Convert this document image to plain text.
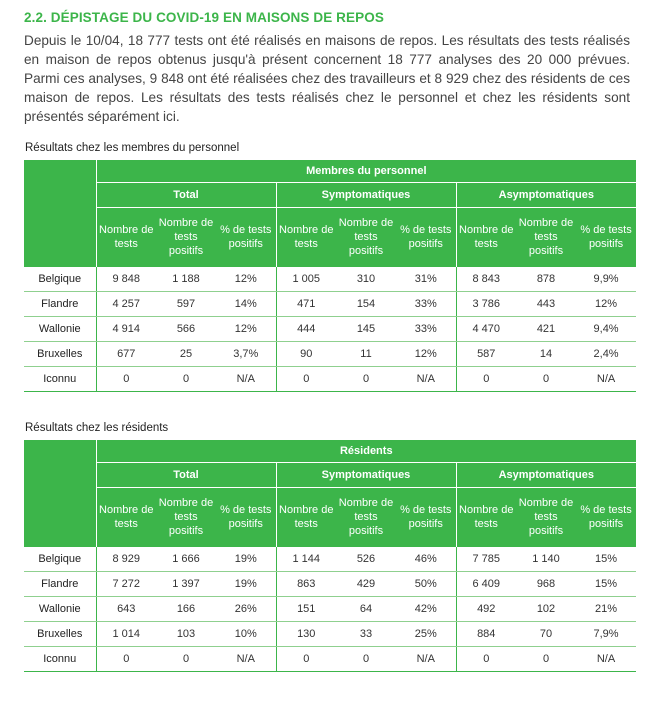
2.2. DÉPISTAGE DU COVID-19 EN MAISONS DE REPOS

Depuis le 10/04, 18 777 tests ont été réalisés en maisons de repos. Les résultats des tests réalisés en maison de repos obtenus jusqu'à présent concernent 18 777 analyses des 20 000 prévues. Parmi ces analyses, 9 848 ont été réalisées chez des travailleurs et 8 929 chez des résidents de ces maison de repos. Les résultats des tests réalisés chez le personnel et chez les résidents sont présentés séparément ici.

Résultats chez les membres du personnel
	Membres du personnel								
	Total			Symptomatiques			Asymptomatiques		
	Nombre de tests	Nombre de tests positifs	% de tests positifs	Nombre de tests	Nombre de tests positifs	% de tests positifs	Nombre de tests	Nombre de tests positifs	% de tests positifs
Belgique	9 848	1 188	12%	1 005	310	31%	8 843	878	9,9%
Flandre	4 257	597	14%	471	154	33%	3 786	443	12%
Wallonie	4 914	566	12%	444	145	33%	4 470	421	9,4%
Bruxelles	677	25	3,7%	90	11	12%	587	14	2,4%
Iconnu	0	0	N/A	0	0	N/A	0	0	N/A
Résultats chez les résidents
	Résidents								
	Total			Symptomatiques			Asymptomatiques		
	Nombre de tests	Nombre de tests positifs	% de tests positifs	Nombre de tests	Nombre de tests positifs	% de tests positifs	Nombre de tests	Nombre de tests positifs	% de tests positifs
Belgique	8 929	1 666	19%	1 144	526	46%	7 785	1 140	15%
Flandre	7 272	1 397	19%	863	429	50%	6 409	968	15%
Wallonie	643	166	26%	151	64	42%	492	102	21%
Bruxelles	1 014	103	10%	130	33	25%	884	70	7,9%
Iconnu	0	0	N/A	0	0	N/A	0	0	N/A
